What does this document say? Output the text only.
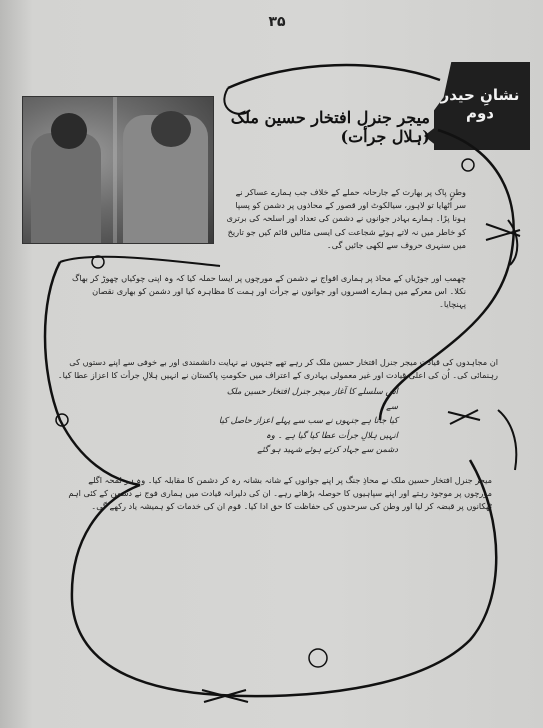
۳۵
نشانِ حیدر دوم
میجر جنرل افتخار حسین ملک (ہلال جرأت)

وطنِ پاک پر بھارت کے جارحانہ حملے کے خلاف جب ہمارے عساکر نے سر اُٹھایا تو لاہور، سیالکوٹ اور قصور کے محاذوں پر دشمن کو پسپا ہونا پڑا۔ ہمارے بہادر جوانوں نے دشمن کی تعداد اور اسلحہ کی برتری کو خاطر میں نہ لاتے ہوئے شجاعت کی ایسی مثالیں قائم کیں جو تاریخ میں سنہری حروف سے لکھی جائیں گی۔

چھمب اور جوڑیاں کے محاذ پر ہماری افواج نے دشمن کے مورچوں پر ایسا حملہ کیا کہ وہ اپنی چوکیاں چھوڑ کر بھاگ نکلا۔ اس معرکے میں ہمارے افسروں اور جوانوں نے جرأت اور ہمت کا مظاہرہ کیا اور دشمن کو بھاری نقصان پہنچایا۔

ان مجاہدوں کی قیادت میجر جنرل افتخار حسین ملک کر رہے تھے جنہوں نے نہایت دانشمندی اور بے خوفی سے اپنے دستوں کی رہنمائی کی۔ اُن کی اعلیٰ قیادت اور غیر معمولی بہادری کے اعتراف میں حکومتِ پاکستان نے انہیں ہلالِ جرأت کا اعزاز عطا کیا۔

اس سلسلے کا آغاز میجر جنرل افتخار حسین ملک سے

کیا جاتا ہے جنہوں نے سب سے پہلے اعزاز حاصل کیا

انہیں ہلالِ جرأت عطا کیا گیا ہے ۔ وہ

دشمن سے جہاد کرتے ہوئے شہید ہو گئے

میجر جنرل افتخار حسین ملک نے محاذِ جنگ پر اپنے جوانوں کے شانہ بشانہ رہ کر دشمن کا مقابلہ کیا۔ وہ ہر لمحہ اگلے مورچوں پر موجود رہتے اور اپنے سپاہیوں کا حوصلہ بڑھاتے رہے۔ ان کی دلیرانہ قیادت میں ہماری فوج نے دشمن کے کئی اہم ٹھکانوں پر قبضہ کر لیا اور وطن کی سرحدوں کی حفاظت کا حق ادا کیا۔ قوم ان کی خدمات کو ہمیشہ یاد رکھے گی۔
